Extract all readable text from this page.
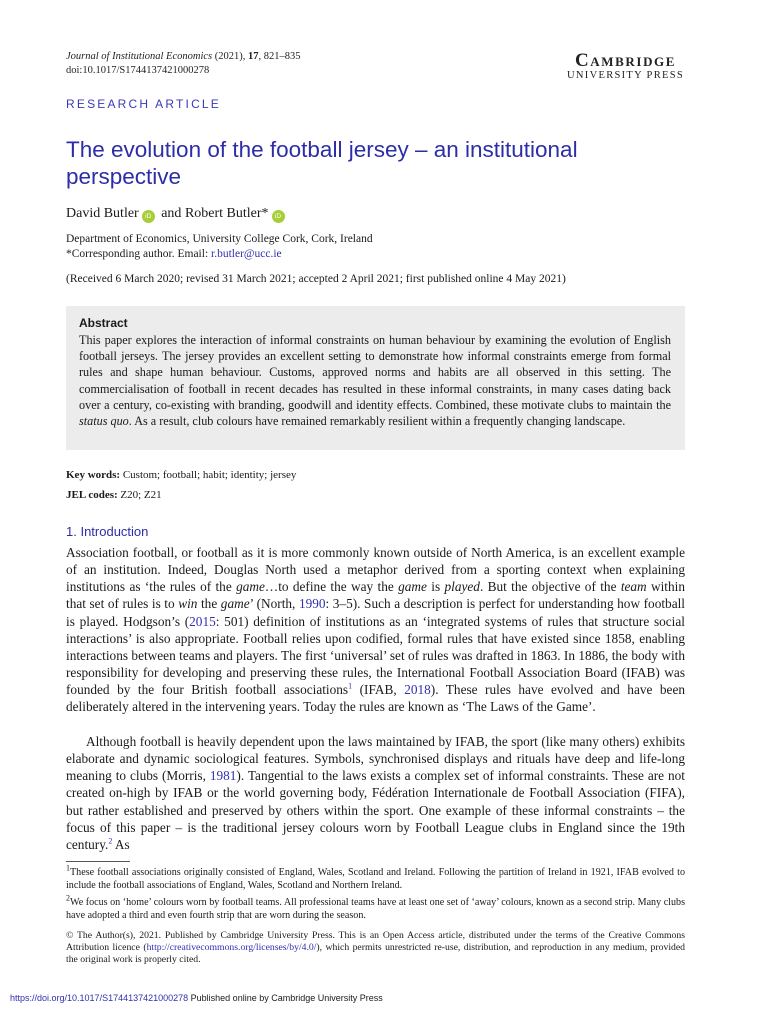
Journal of Institutional Economics (2021), 17, 821–835
doi:10.1017/S1744137421000278	Cambridge
UNIVERSITY PRESS
RESEARCH ARTICLE
The evolution of the football jersey – an institutional perspective
David Butler iD and Robert Butler* iD
Department of Economics, University College Cork, Cork, Ireland
*Corresponding author. Email: r.butler@ucc.ie
(Received 6 March 2020; revised 31 March 2021; accepted 2 April 2021; first published online 4 May 2021)
Abstract
This paper explores the interaction of informal constraints on human behaviour by examining the evolution of English football jerseys. The jersey provides an excellent setting to demonstrate how informal constraints emerge from formal rules and shape human behaviour. Customs, approved norms and habits are all observed in this setting. The commercialisation of football in recent decades has resulted in these informal constraints, in many cases dating back over a century, co-existing with branding, goodwill and identity effects. Combined, these motivate clubs to maintain the status quo. As a result, club colours have remained remarkably resilient within a frequently changing landscape.
Key words: Custom; football; habit; identity; jersey
JEL codes: Z20; Z21
1. Introduction
Association football, or football as it is more commonly known outside of North America, is an excellent example of an institution. Indeed, Douglas North used a metaphor derived from a sporting context when explaining institutions as ‘the rules of the game…to define the way the game is played. But the objective of the team within that set of rules is to win the game’ (North, 1990: 3–5). Such a description is perfect for understanding how football is played. Hodgson’s (2015: 501) definition of institutions as an ‘integrated systems of rules that structure social interactions’ is also appropriate. Football relies upon codified, formal rules that have existed since 1858, enabling interactions between teams and players. The first ‘universal’ set of rules was drafted in 1863. In 1886, the body with responsibility for developing and preserving these rules, the International Football Association Board (IFAB) was founded by the four British football associations$^1$ (IFAB, 2018). These rules have evolved and have been deliberately altered in the intervening years. Today the rules are known as ‘The Laws of the Game’.
Although football is heavily dependent upon the laws maintained by IFAB, the sport (like many others) exhibits elaborate and dynamic sociological features. Symbols, synchronised displays and rituals have deep and life-long meaning to clubs (Morris, 1981). Tangential to the laws exists a complex set of informal constraints. These are not created on-high by IFAB or the world governing body, Fédération Internationale de Football Association (FIFA), but rather established and preserved by others within the sport. One example of these informal constraints – the focus of this paper – is the traditional jersey colours worn by Football League clubs in England since the 19th century.$^2$ As
$^1$These football associations originally consisted of England, Wales, Scotland and Ireland. Following the partition of Ireland in 1921, IFAB evolved to include the football associations of England, Wales, Scotland and Northern Ireland.
$^2$We focus on ‘home’ colours worn by football teams. All professional teams have at least one set of ‘away’ colours, known as a second strip. Many clubs have adopted a third and even fourth strip that are worn during the season.
© The Author(s), 2021. Published by Cambridge University Press. This is an Open Access article, distributed under the terms of the Creative Commons Attribution licence (http://creativecommons.org/licenses/by/4.0/), which permits unrestricted re-use, distribution, and reproduction in any medium, provided the original work is properly cited.
https://doi.org/10.1017/S1744137421000278 Published online by Cambridge University Press
